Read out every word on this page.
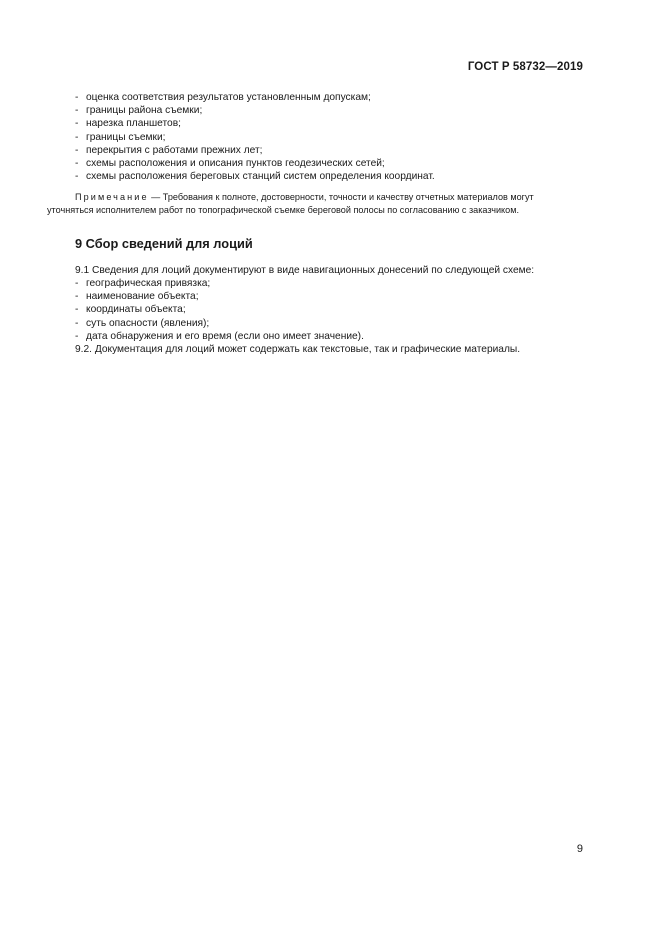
ГОСТ Р 58732—2019
- оценка соответствия результатов установленным допускам;
- границы района съемки;
- нарезка планшетов;
- границы съемки;
- перекрытия с работами прежних лет;
- схемы расположения и описания пунктов геодезических сетей;
- схемы расположения береговых станций систем определения координат.
Примечание — Требования к полноте, достоверности, точности и качеству отчетных материалов могут
уточняться исполнителем работ по топографической съемке береговой полосы по согласованию с заказчиком.
9 Сбор сведений для лоций
9.1 Сведения для лоций документируют в виде навигационных донесений по следующей схеме:
- географическая привязка;
- наименование объекта;
- координаты объекта;
- суть опасности (явления);
- дата обнаружения и его время (если оно имеет значение).
9.2. Документация для лоций может содержать как текстовые, так и графические материалы.
9
